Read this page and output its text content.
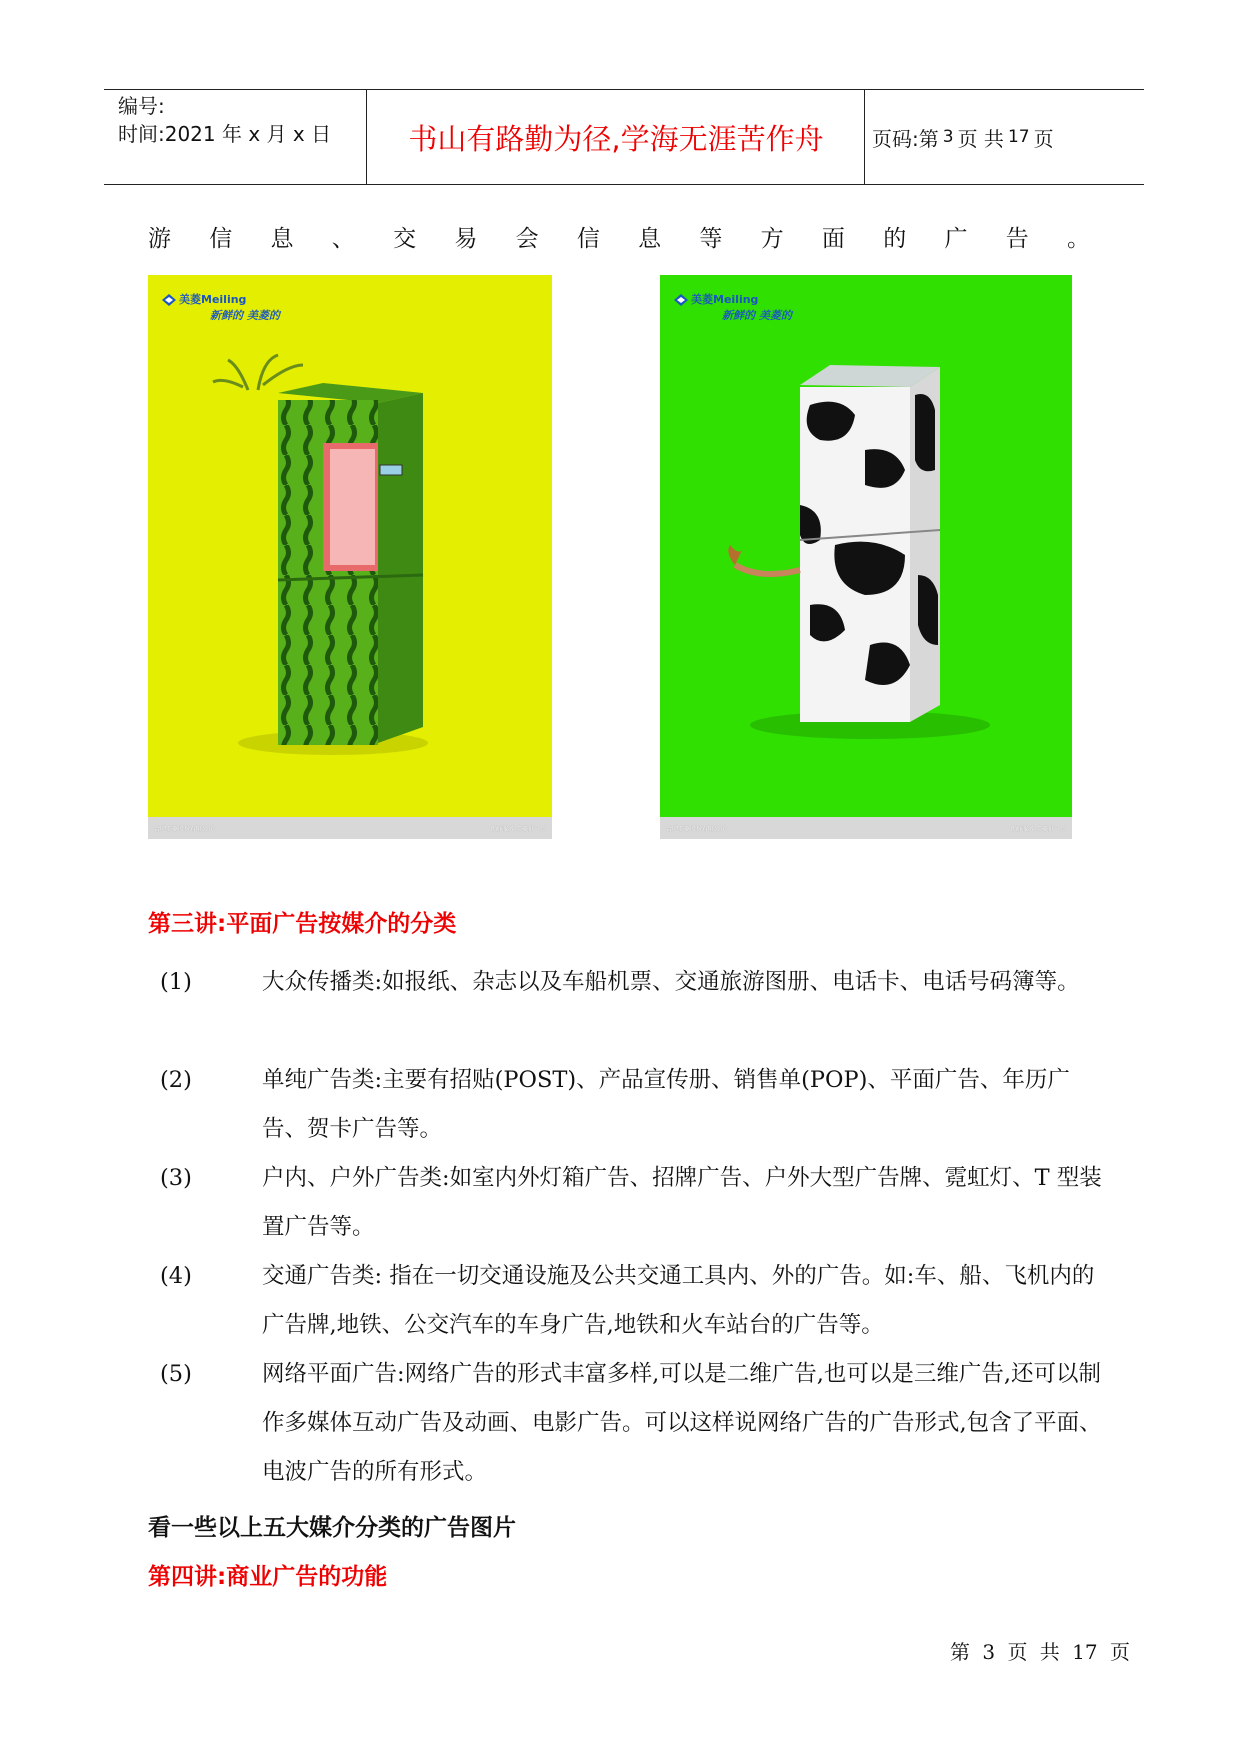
编号:
时间:2021 年 x 月 x 日	书山有路勤为径,学海无涯苦作舟	页码:第 3 页 共 17 页
游 信 息 、 交 易 会 信 息 等 方 面 的 广 告 。
美菱Meiling
新鲜的 美菱的
合肥美菱股份有限公司	新鲜服务 美菱供一步
美菱Meiling
新鲜的 美菱的
合肥美菱股份有限公司	新鲜服务 美菱供一步
第三讲:平面广告按媒介的分类
(1)	大众传播类:如报纸、杂志以及车船机票、交通旅游图册、电话卡、电话号码簿等。
(2)	单纯广告类:主要有招贴(POST)、产品宣传册、销售单(POP)、平面广告、年历广告、贺卡广告等。
(3)	户内、户外广告类:如室内外灯箱广告、招牌广告、户外大型广告牌、霓虹灯、T 型装置广告等。
(4)	交通广告类: 指在一切交通设施及公共交通工具内、外的广告。如:车、船、飞机内的广告牌,地铁、公交汽车的车身广告,地铁和火车站台的广告等。
(5)	网络平面广告:网络广告的形式丰富多样,可以是二维广告,也可以是三维广告,还可以制作多媒体互动广告及动画、电影广告。可以这样说网络广告的广告形式,包含了平面、电波广告的所有形式。
看一些以上五大媒介分类的广告图片
第四讲:商业广告的功能
第 3 页 共 17 页
